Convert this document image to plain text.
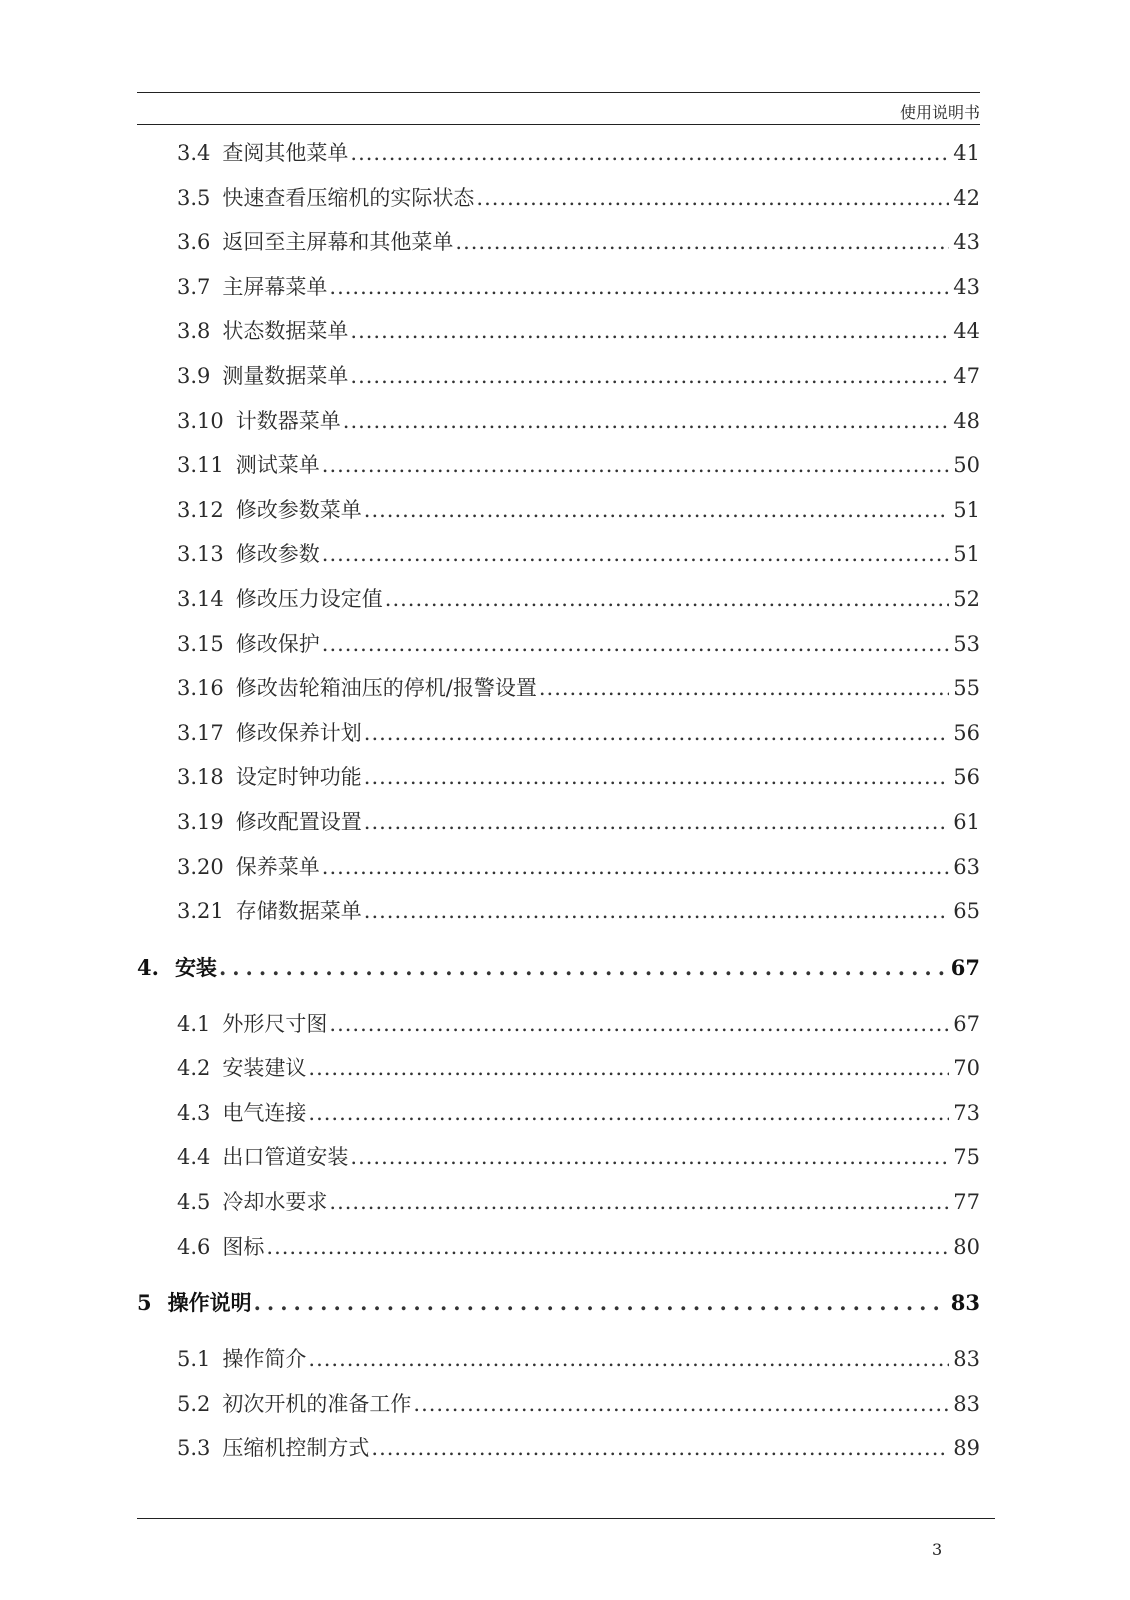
使用说明书
3.4 查阅其他菜单 .....	41
3.5 快速查看压缩机的实际状态 .....	42
3.6 返回至主屏幕和其他菜单 .....	43
3.7 主屏幕菜单 .....	43
3.8 状态数据菜单 .....	44
3.9 测量数据菜单 .....	47
3.10 计数器菜单 .....	48
3.11 测试菜单 .....	50
3.12 修改参数菜单 .....	51
3.13 修改参数 .....	51
3.14 修改压力设定值 .....	52
3.15 修改保护 .....	53
3.16 修改齿轮箱油压的停机/报警设置 .....	55
3.17 修改保养计划 .....	56
3.18 设定时钟功能 .....	56
3.19 修改配置设置 .....	61
3.20 保养菜单 .....	63
3.21 存储数据菜单 .....	65
4. 安装 .....	67
4.1 外形尺寸图 .....	67
4.2 安装建议 .....	70
4.3 电气连接 .....	73
4.4 出口管道安装 .....	75
4.5 冷却水要求 .....	77
4.6 图标 .....	80
5 操作说明 .....	83
5.1 操作简介 .....	83
5.2 初次开机的准备工作 .....	83
5.3 压缩机控制方式 .....	89
3
